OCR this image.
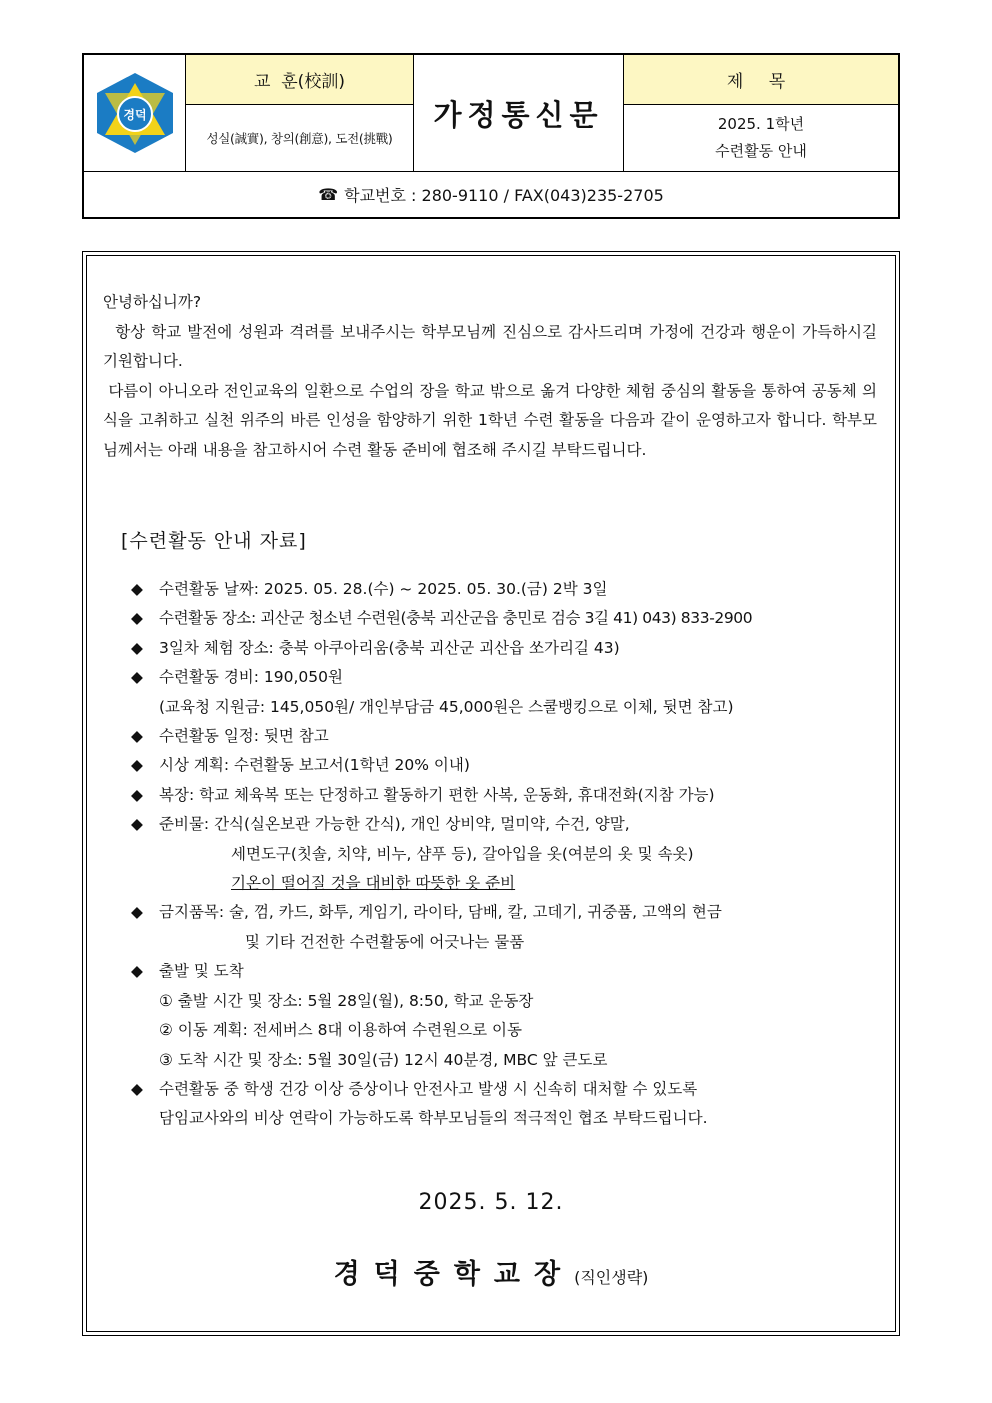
경덕
교  훈(校訓)
성실(誠實), 창의(創意), 도전(挑戰)
가정통신문
제 목
2025. 1학년
수련활동 안내
☎ 학교번호 : 280-9110 / FAX(043)235-2705

안녕하십니까?

항상 학교 발전에 성원과 격려를 보내주시는 학부모님께 진심으로 감사드리며 가정에 건강과 행운이 가득하시길 기원합니다.

다름이 아니오라 전인교육의 일환으로 수업의 장을 학교 밖으로 옮겨 다양한 체험 중심의 활동을 통하여 공동체 의식을 고취하고 실천 위주의 바른 인성을 함양하기 위한 1학년 수련 활동을 다음과 같이 운영하고자 합니다. 학부모님께서는 아래 내용을 참고하시어 수련 활동 준비에 협조해 주시길 부탁드립니다.

[수련활동 안내 자료]
◆ 수련활동 날짜: 2025. 05. 28.(수) ~ 2025. 05. 30.(금) 2박 3일
◆ 수련활동 장소: 괴산군 청소년 수련원(충북 괴산군읍 충민로 검승 3길 41) 043) 833-2900
◆ 3일차 체험 장소: 충북 아쿠아리움(충북 괴산군 괴산읍 쏘가리길 43)
◆ 수련활동 경비: 190,050원
(교육청 지원금: 145,050원/ 개인부담금 45,000원은 스쿨뱅킹으로 이체, 뒷면 참고)
◆ 수련활동 일정: 뒷면 참고
◆ 시상 계획: 수련활동 보고서(1학년 20% 이내)
◆ 복장: 학교 체육복 또는 단정하고 활동하기 편한 사복, 운동화, 휴대전화(지참 가능)
◆ 준비물: 간식(실온보관 가능한 간식), 개인 상비약, 멀미약, 수건, 양말,
세면도구(칫솔, 치약, 비누, 샴푸 등), 갈아입을 옷(여분의 옷 및 속옷)
기온이 떨어질 것을 대비한 따뜻한 옷 준비
◆ 금지품목: 술, 껌, 카드, 화투, 게임기, 라이타, 담배, 칼, 고데기, 귀중품, 고액의 현금
및 기타 건전한 수련활동에 어긋나는 물품
◆ 출발 및 도착
① 출발 시간 및 장소: 5월 28일(월), 8:50, 학교 운동장
② 이동 계획: 전세버스 8대 이용하여 수련원으로 이동
③ 도착 시간 및 장소: 5월 30일(금) 12시 40분경, MBC 앞 큰도로
◆ 수련활동 중 학생 건강 이상 증상이나 안전사고 발생 시 신속히 대처할 수 있도록
담임교사와의 비상 연락이 가능하도록 학부모님들의 적극적인 협조 부탁드립니다.
2025. 5. 12.
경덕중학교장(직인생략)
